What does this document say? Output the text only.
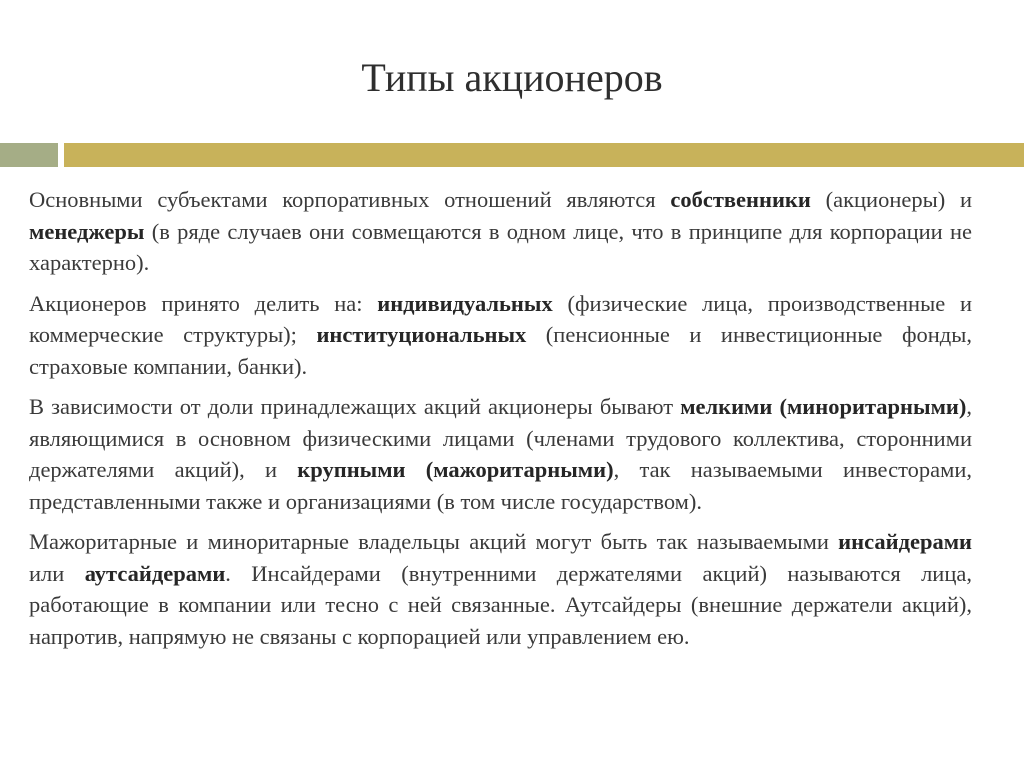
Типы акционеров

Основными субъектами корпоративных отношений являются собственники (акционеры) и менеджеры (в ряде случаев они совмещаются в одном лице, что в принципе для корпорации не характерно).

Акционеров принято делить на: индивидуальных (физические лица, производственные и коммерческие структуры); институциональных (пенсионные и инвестиционные фонды, страховые компании, банки).

В зависимости от доли принадлежащих акций акционеры бывают мелкими (миноритарными), являющимися в основном физическими лицами (членами трудового коллектива, сторонними держателями акций), и крупными (мажоритарными), так называемыми инвесторами, представленными также и организациями (в том числе государством).

Мажоритарные и миноритарные владельцы акций могут быть так называемыми инсайдерами или аутсайдерами. Инсайдерами (внутренними держателями акций) называются лица, работающие в компании или тесно с ней связанные. Аутсайдеры (внешние держатели акций), напротив, напрямую не связаны с корпорацией или управлением ею.
